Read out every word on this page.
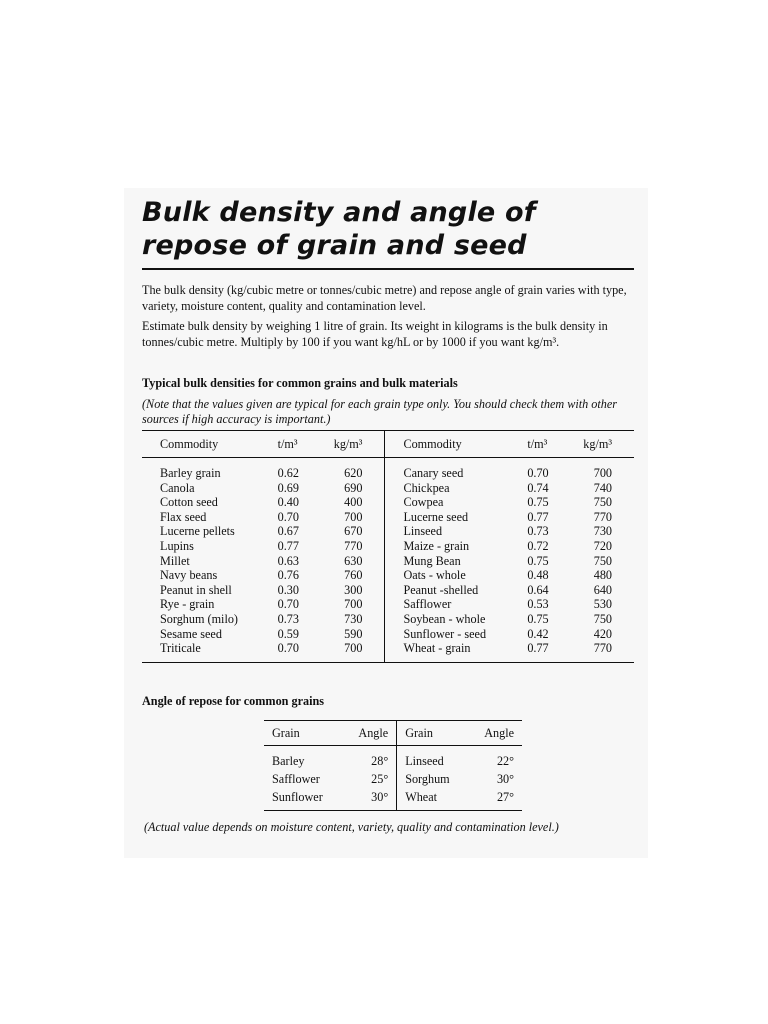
Bulk density and angle of repose of grain and seed

The bulk density (kg/cubic metre or tonnes/cubic metre) and repose angle of grain varies with type, variety, moisture content, quality and contamination level.

Estimate bulk density by weighing 1 litre of grain. Its weight in kilograms is the bulk density in tonnes/cubic metre. Multiply by 100 if you want kg/hL or by 1000 if you want kg/m³.

Typical bulk densities for common grains and bulk materials

(Note that the values given are typical for each grain type only. You should check them with other sources if high accuracy is important.)

Commodity	t/m³	kg/m³	Commodity	t/m³	kg/m³
Barley grain	0.62	620	Canary seed	0.70	700
Canola	0.69	690	Chickpea	0.74	740
Cotton seed	0.40	400	Cowpea	0.75	750
Flax seed	0.70	700	Lucerne seed	0.77	770
Lucerne pellets	0.67	670	Linseed	0.73	730
Lupins	0.77	770	Maize - grain	0.72	720
Millet	0.63	630	Mung Bean	0.75	750
Navy beans	0.76	760	Oats - whole	0.48	480
Peanut in shell	0.30	300	Peanut -shelled	0.64	640
Rye - grain	0.70	700	Safflower	0.53	530
Sorghum (milo)	0.73	730	Soybean - whole	0.75	750
Sesame seed	0.59	590	Sunflower - seed	0.42	420
Triticale	0.70	700	Wheat - grain	0.77	770

Angle of repose for common grains

Grain	Angle	Grain	Angle
Barley	28°	Linseed	22°
Safflower	25°	Sorghum	30°
Sunflower	30°	Wheat	27°

(Actual value depends on moisture content, variety, quality and contamination level.)
